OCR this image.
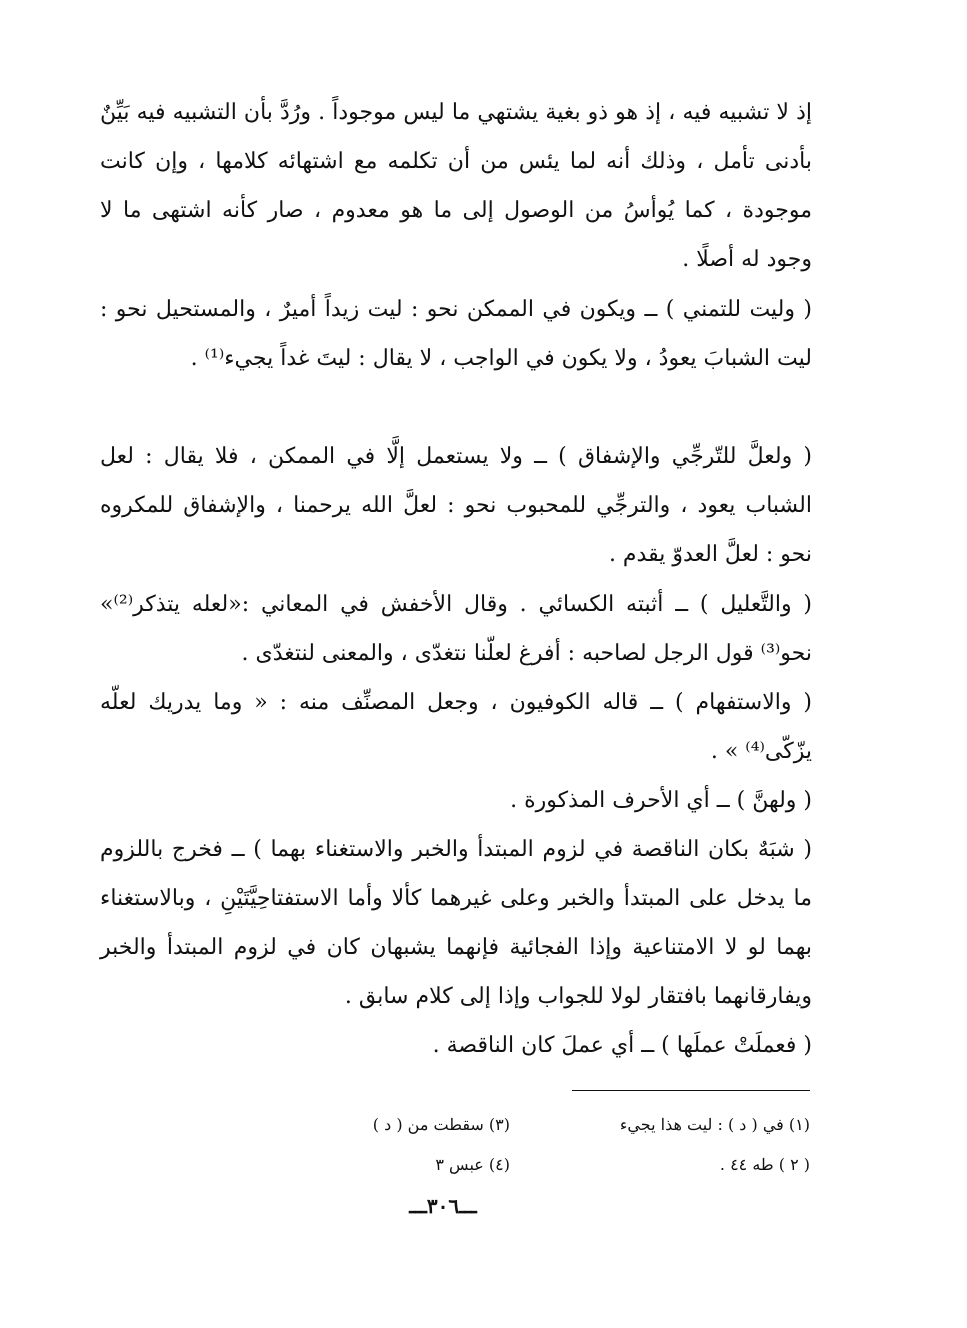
إذ لا تشبيه فيه ، إذ هو ذو بغية يشتهي ما ليس موجوداً . ورُدَّ بأن التشبيه فيه بَيِّنٌ بأدنى تأمل ، وذلك أنه لما يئس من أن تكلمه مع اشتهائه كلامها ، وإن كانت موجودة ، كما يُوأسُ من الوصول إلى ما هو معدوم ، صار كأنه اشتهى ما لا وجود له أصلًا .

( وليت للتمني ) ــ ويكون في الممكن نحو : ليت زيداً أميرٌ ، والمستحيل نحو : ليت الشبابَ يعودُ ، ولا يكون في الواجب ، لا يقال : ليتَ غداً يجيء⁽¹⁾ .

( ولعلَّ للتّرجِّي والإشفاق ) ــ ولا يستعمل إلَّا في الممكن ، فلا يقال : لعل الشباب يعود ، والترجِّي للمحبوب نحو : لعلَّ الله يرحمنا ، والإشفاق للمكروه نحو : لعلَّ العدوّ يقدم .

( والتَّعليل ) ــ أثبته الكسائي . وقال الأخفش في المعاني :«لعله يتذكر⁽²⁾» نحو⁽³⁾ قول الرجل لصاحبه : أفرغ لعلّنا نتغدّى ، والمعنى لنتغدّى .

( والاستفهام ) ــ قاله الكوفيون ، وجعل المصنِّف منه : « وما يدريك لعلّه يزّكّى⁽⁴⁾ » .

( ولهنَّ ) ــ أي الأحرف المذكورة .

( شبَهٌ بكان الناقصة في لزوم المبتدأ والخبر والاستغناء بهما ) ــ فخرج باللزوم ما يدخل على المبتدأ والخبر وعلى غيرهما كألا وأما الاستفتاحِيَّتَيْنِ ، وبالاستغناء بهما لو لا الامتناعية وإذا الفجائية فإنهما يشبهان كان في لزوم المبتدأ والخبر ويفارقانهما بافتقار لولا للجواب وإذا إلى كلام سابق .

( فعملَتْ عملَها ) ــ أي عملَ كان الناقصة .

(١) في ( د ) : ليت هذا يجيء
(٣) سقطت من ( د )
( ٢ ) طه ٤٤ .
(٤) عبس ٣
ـــ٣٠٦ـــ
